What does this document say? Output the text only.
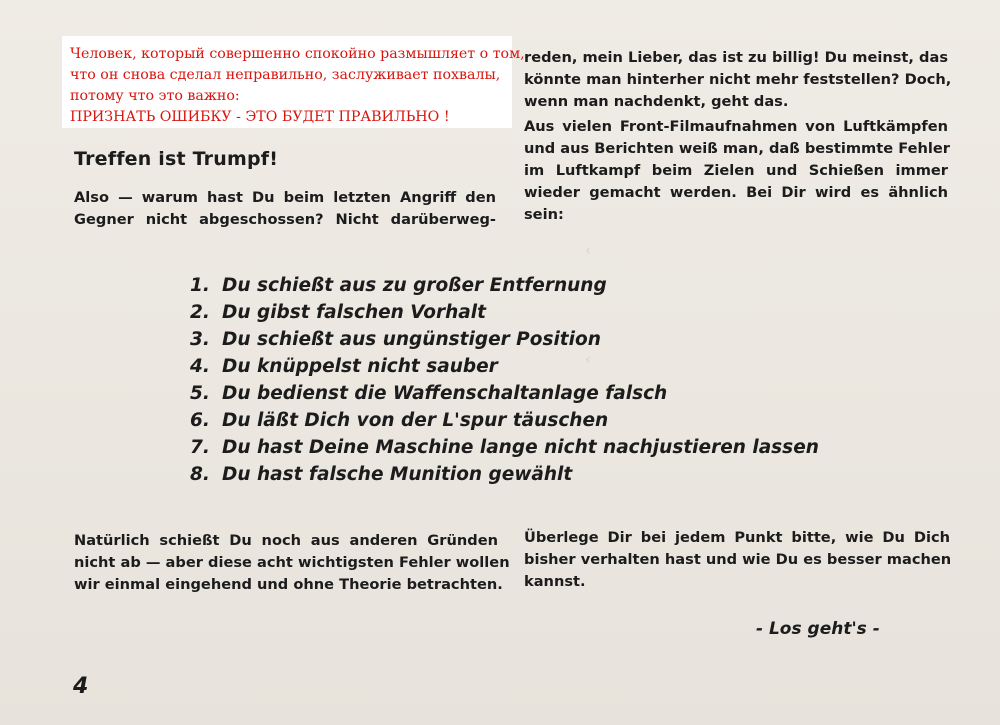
‹
‹
Человек, который совершенно спокойно размышляет о том,
что он снова сделал неправильно, заслуживает похвалы,
потому что это важно:
ПРИЗНАТЬ ОШИБКУ - ЭТО БУДЕТ ПРАВИЛЬНО !
Treffen ist Trumpf!
Also — warum hast Du beim letzten Angriff den
Gegner nicht abgeschossen? Nicht darüberweg-
reden, mein Lieber, das ist zu billig! Du meinst, das
könnte man hinterher nicht mehr feststellen? Doch,
wenn man nachdenkt, geht das.
Aus vielen Front-Filmaufnahmen von Luftkämpfen
und aus Berichten weiß man, daß bestimmte Fehler
im Luftkampf beim Zielen und Schießen immer
wieder gemacht werden. Bei Dir wird es ähnlich
sein:
1. Du schießt aus zu großer Entfernung
2. Du gibst falschen Vorhalt
3. Du schießt aus ungünstiger Position
4. Du knüppelst nicht sauber
5. Du bedienst die Waffenschaltanlage falsch
6. Du läßt Dich von der L'spur täuschen
7. Du hast Deine Maschine lange nicht nachjustieren lassen
8. Du hast falsche Munition gewählt
Natürlich schießt Du noch aus anderen Gründen
nicht ab — aber diese acht wichtigsten Fehler wollen
wir einmal eingehend und ohne Theorie betrachten.
Überlege Dir bei jedem Punkt bitte, wie Du Dich
bisher verhalten hast und wie Du es besser machen
kannst.
- Los geht's -
4
